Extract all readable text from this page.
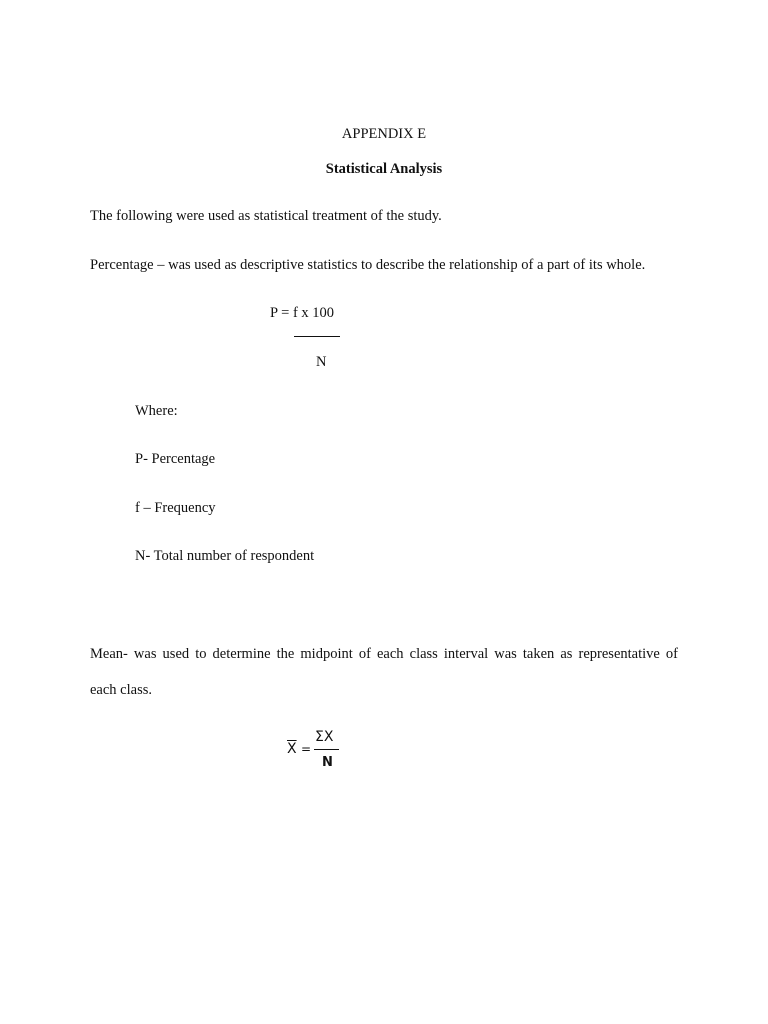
APPENDIX E
Statistical Analysis
The following were used as statistical treatment of the study.
Percentage – was used as descriptive statistics to describe the relationship of a part of its whole.
P = f x 100
N
Where:
P- Percentage
f – Frequency
N- Total number of respondent
Mean- was used to determine the midpoint of each class interval was taken as representative of
each class.
$\overline{X}$ =
ΣX
N
